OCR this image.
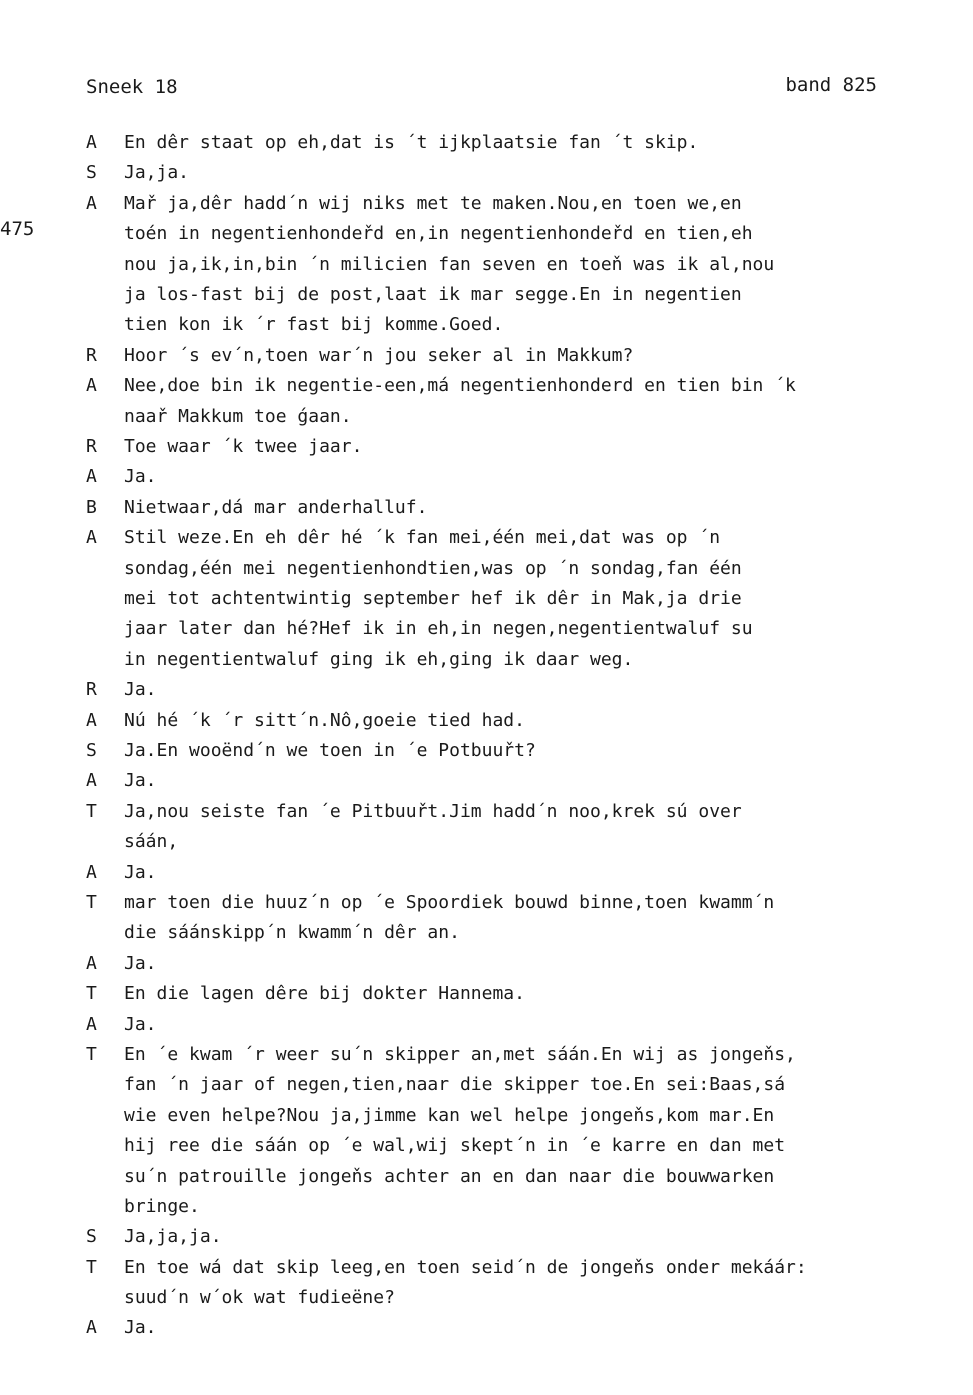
Sneek 18	band 825
475
A	En dêr staat op eh,dat is ´t ijkplaatsie fan ´t skip.
S	Ja,ja.
A	Mař ja,dêr hadd´n wij niks met te maken.Nou,en toen we,en
toén in negentienhondeřd en,in negentienhondeřd en tien,eh
nou ja,ik,in,bin ´n milicien fan seven en toeň was ik al,nou
ja los-fast bij de post,laat ik mar segge.En in negentien
tien kon ik ´r fast bij komme.Goed.
R	Hoor ´s ev´n,toen war´n jou seker al in Makkum?
A	Nee,doe bin ik negentie-een,má negentienhonderd en tien bin ´k
naař Makkum toe ǵaan.
R	Toe waar ´k twee jaar.
A	Ja.
B	Nietwaar,dá mar anderhalluf.
A	Stil weze.En eh dêr hé ´k fan mei,één mei,dat was op ´n
sondag,één mei negentienhondtien,was op ´n sondag,fan één
mei tot achtentwintig september hef ik dêr in Mak,ja drie
jaar later dan hé?Hef ik in eh,in negen,negentientwaluf su
in negentientwaluf ging ik eh,ging ik daar weg.
R	Ja.
A	Nú hé ´k ´r sitt´n.Nô,goeie tied had.
S	Ja.En wooënd´n we toen in ´e Potbuuřt?
A	Ja.
T	Ja,nou seiste fan ´e Pitbuuřt.Jim hadd´n noo,krek sú over
sáán,
A	Ja.
T	mar toen die huuz´n op ´e Spoordiek bouwd binne,toen kwamm´n
die sáánskipp´n kwamm´n dêr an.
A	Ja.
T	En die lagen dêre bij dokter Hannema.
A	Ja.
T	En ´e kwam ´r weer su´n skipper an,met sáán.En wij as jongeňs,
fan ´n jaar of negen,tien,naar die skipper toe.En sei:Baas,sá
wie even helpe?Nou ja,jimme kan wel helpe jongeňs,kom mar.En
hij ree die sáán op ´e wal,wij skept´n in ´e karre en dan met
su´n patrouille jongeňs achter an en dan naar die bouwwarken
bringe.
S	Ja,ja,ja.
T	En toe wá dat skip leeg,en toen seid´n de jongeňs onder mekáár:
suud´n w´ok wat fudieëne?
A	Ja.
